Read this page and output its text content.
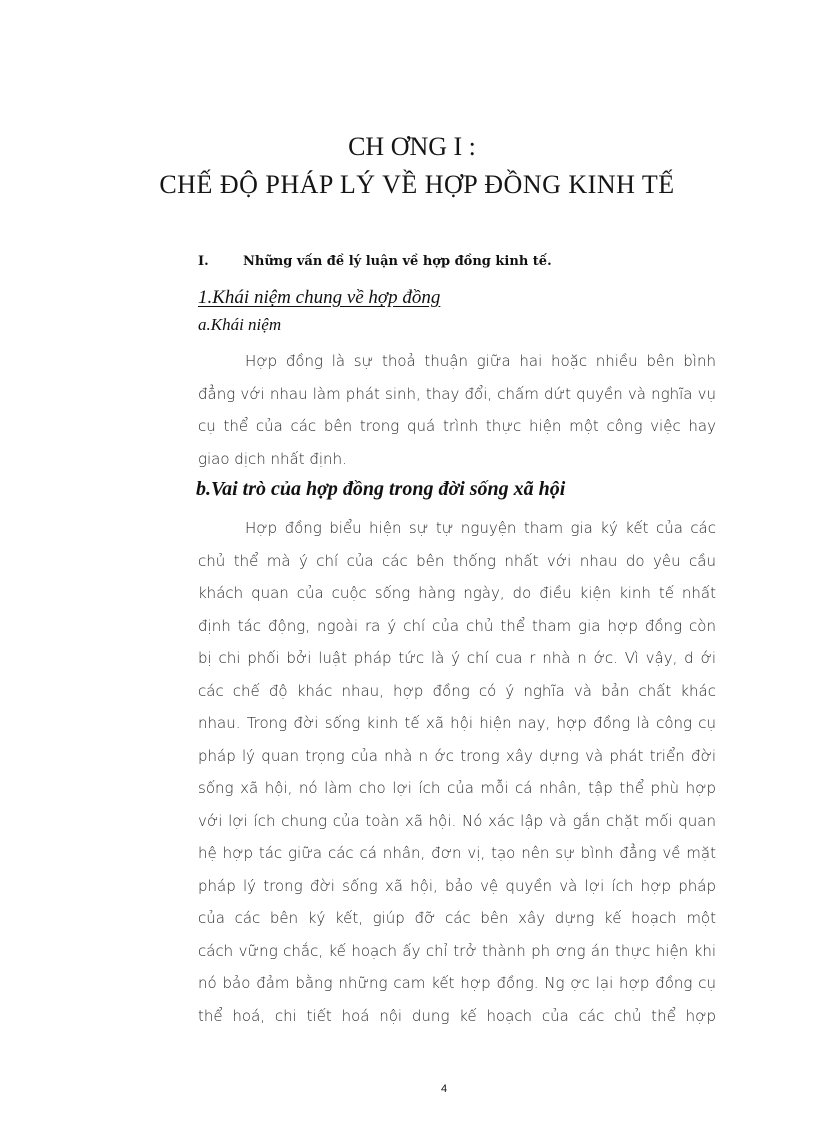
CH ƠNG I :
CHẾ ĐỘ PHÁP LÝ VỀ HỢP ĐỒNG KINH TẾ
I.	Những vấn đề lý luận về hợp đồng kinh tế.
1.Khái niệm chung về hợp đồng
a.Khái niệm
Hợp đồng là sự thoả thuận giữa hai hoặc nhiều bên bình
đẳng với nhau làm phát sinh, thay đổi, chấm dứt quyền và nghĩa vụ
cụ thể của các bên trong quá trình thực hiện một công việc hay
giao dịch nhất định.
b.Vai trò của hợp đồng trong đời sống xã hội
Hợp đồng biểu hiện sự tự nguyện tham gia ký kết của các
chủ thể mà ý chí của các bên thống nhất với nhau do yêu cầu
khách quan của cuộc sống hàng ngày, do điều kiện kinh tế nhất
định tác động, ngoài ra ý chí của chủ thể tham gia hợp đồng còn
bị chi phối bởi luật pháp tức là ý chí cua r nhà n ớc. Vì vậy, d ới
các chế độ khác nhau, hợp đồng có ý nghĩa và bản chất khác
nhau. Trong đời sống kinh tế xã hội hiện nay, hợp đồng là công cụ
pháp lý quan trọng của nhà n ớc trong xây dựng và phát triển đời
sống xã hội, nó làm cho lợi ích của mỗi cá nhân, tập thể phù hợp
với lợi ích chung của toàn xã hội. Nó xác lập và gắn chặt mối quan
hệ hợp tác giữa các cá nhân, đơn vị, tạo nên sự bình đẳng về mặt
pháp lý trong đời sống xã hội, bảo vệ quyền và lợi ích hợp pháp
của các bên ký kết, giúp đỡ các bên xây dựng kế hoạch một
cách vững chắc, kế hoạch ấy chỉ trở thành ph ơng án thực hiện khi
nó bảo đảm bằng những cam kết hợp đồng. Ng ợc lại hợp đồng cụ
thể hoá, chi tiết hoá nội dung kế hoạch của các chủ thể hợp
4
